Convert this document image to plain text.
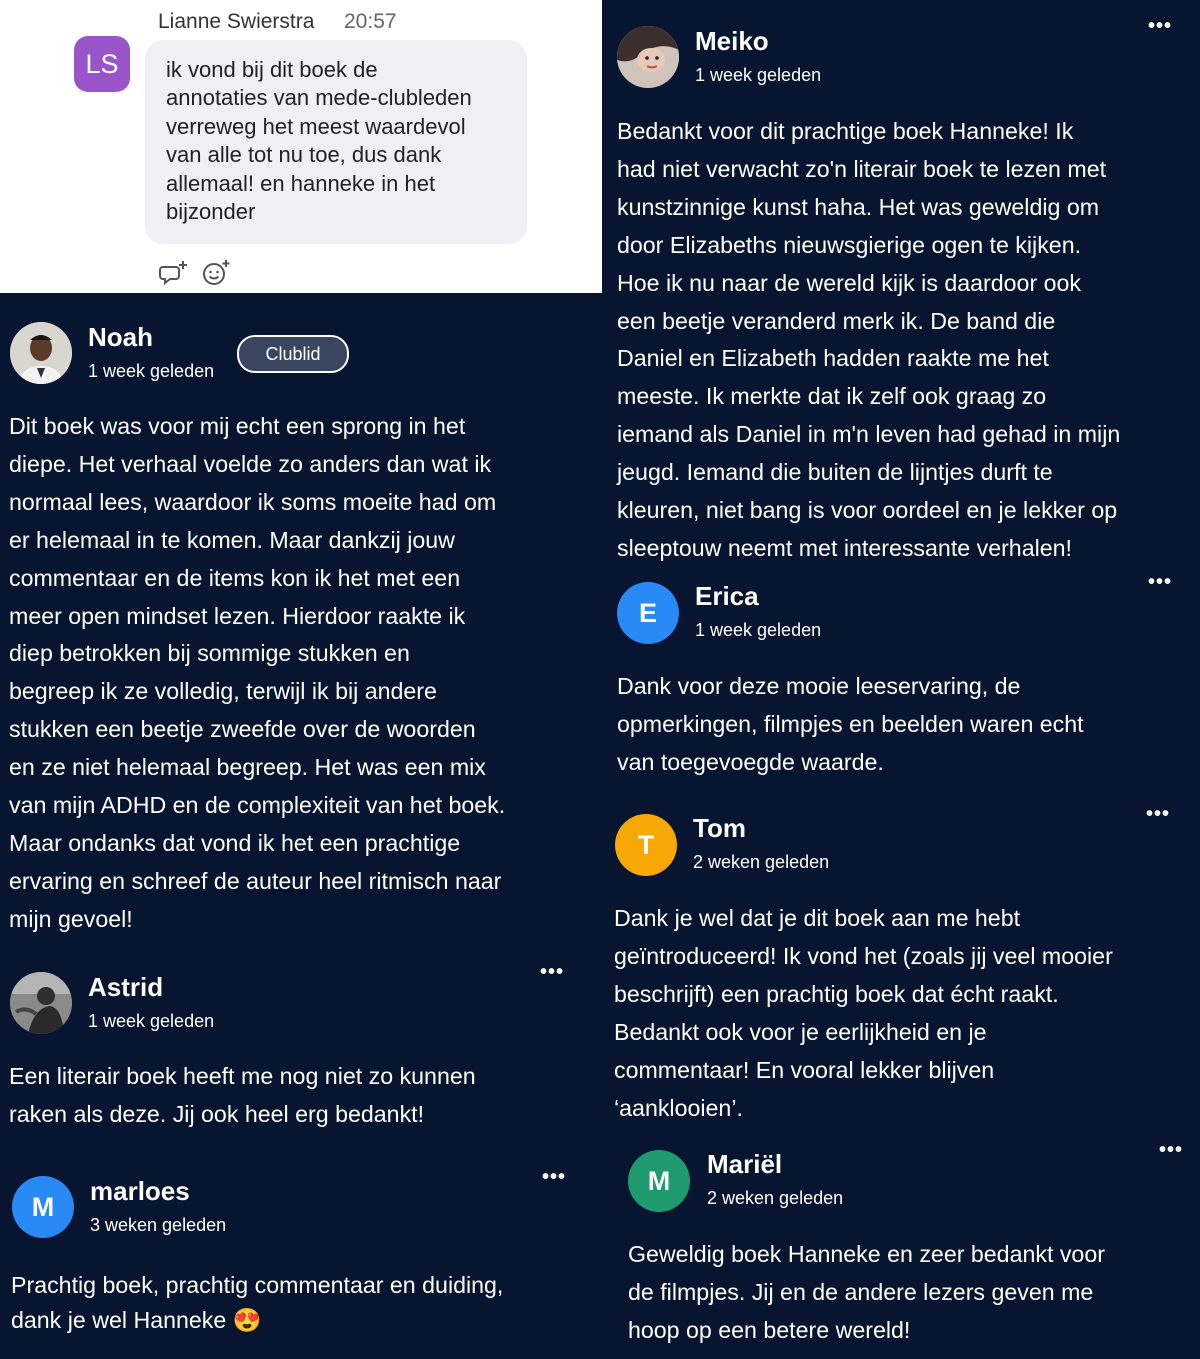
Lianne Swierstra 20:57
LS	ik vond bij dit boek de
annotaties van mede-clubleden
verreweg het meest waardevol
van alle tot nu toe, dus dank
allemaal! en hanneke in het
bijzonder
Noah
1 week geleden
Clublid
Dit boek was voor mij echt een sprong in het
diepe. Het verhaal voelde zo anders dan wat ik
normaal lees, waardoor ik soms moeite had om
er helemaal in te komen. Maar dankzij jouw
commentaar en de items kon ik het met een
meer open mindset lezen. Hierdoor raakte ik
diep betrokken bij sommige stukken en
begreep ik ze volledig, terwijl ik bij andere
stukken een beetje zweefde over de woorden
en ze niet helemaal begreep. Het was een mix
van mijn ADHD en de complexiteit van het boek.
Maar ondanks dat vond ik het een prachtige
ervaring en schreef de auteur heel ritmisch naar
mijn gevoel!
Astrid
1 week geleden
•••
Een literair boek heeft me nog niet zo kunnen
raken als deze. Jij ook heel erg bedankt!
M
marloes
3 weken geleden
•••
Prachtig boek, prachtig commentaar en duiding,
dank je wel Hanneke 😍
Meiko
1 week geleden
•••
Bedankt voor dit prachtige boek Hanneke! Ik
had niet verwacht zo'n literair boek te lezen met
kunstzinnige kunst haha. Het was geweldig om
door Elizabeths nieuwsgierige ogen te kijken.
Hoe ik nu naar de wereld kijk is daardoor ook
een beetje veranderd merk ik. De band die
Daniel en Elizabeth hadden raakte me het
meeste. Ik merkte dat ik zelf ook graag zo
iemand als Daniel in m'n leven had gehad in mijn
jeugd. Iemand die buiten de lijntjes durft te
kleuren, niet bang is voor oordeel en je lekker op
sleeptouw neemt met interessante verhalen!
E
Erica
1 week geleden
•••
Dank voor deze mooie leeservaring, de
opmerkingen, filmpjes en beelden waren echt
van toegevoegde waarde.
T
Tom
2 weken geleden
•••
Dank je wel dat je dit boek aan me hebt
geïntroduceerd! Ik vond het (zoals jij veel mooier
beschrijft) een prachtig boek dat écht raakt.
Bedankt ook voor je eerlijkheid en je
commentaar! En vooral lekker blijven
‘aanklooien’.
M
Mariël
2 weken geleden
•••
Geweldig boek Hanneke en zeer bedankt voor
de filmpjes. Jij en de andere lezers geven me
hoop op een betere wereld!
